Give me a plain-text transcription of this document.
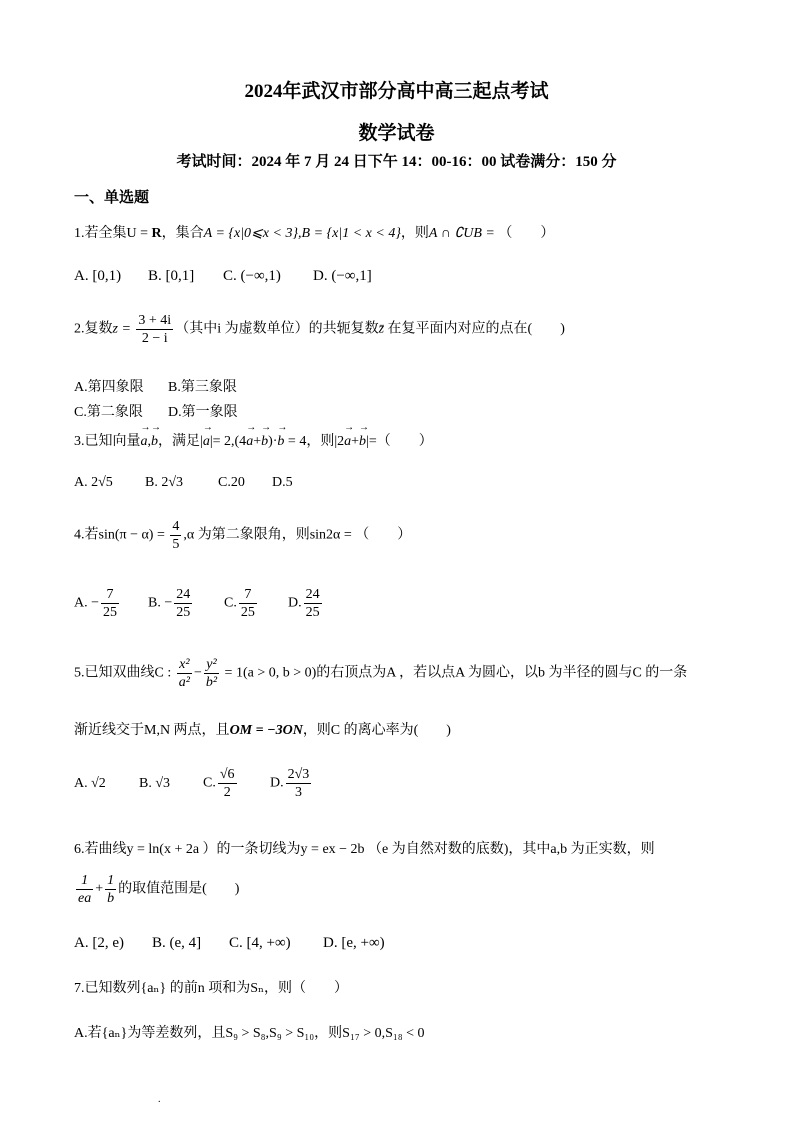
2024年武汉市部分高中高三起点考试
数学试卷
考试时间：2024 年 7 月 24 日下午 14：00-16：00 试卷满分：150 分
一、单选题
1.若全集U = R，集合A = {x|0⩽x < 3},B = {x|1 < x < 4}，则A ∩ ∁UB = （　　）
A. [0,1) B. [0,1] C. (−∞,1) D. (−∞,1]
2.复数$z = \frac{3 + 4i}{2 - i}$ （其中i 为虚数单位）的共轭复数z̄ 在复平面内对应的点在(　　)
A.第四象限 B.第三象限
C.第二象限 D.第一象限
3.已知向量→ a,→ b，满足|→ a|= 2,(4→ a+→ b)·→ b = 4，则|2→ a+→ b|=（　　）
A. 2√5 B. 2√3 C.20 D.5
4.若$\sin(\pi - \alpha) = \frac{4}{5} ,\alpha$ 为第二象限角，则sin2α = （　　）
A. − $\frac{7}{25} B$. − $\frac{24}{25} C$. $\frac{7}{25} D$. $\frac{24}{25}$
5.已知双曲线C : $\frac{\text{x²}}{\text{a²}} - \frac{\text{y²}}{\text{b²}} = 1(a > 0$, b > 0)的右顶点为A ，若以点A 为圆心，以b 为半径的圆与C 的一条
渐近线交于M,N 两点，且OM = −3ON，则C 的离心率为(　　)
A. √2 B. √3 C. $\frac{√6}{2} D$. $\frac{2√3}{3}$
6.若曲线y = ln(x + 2a ）的一条切线为y = ex − 2b （e 为自然对数的底数)，其中a,b 为正实数，则
$\frac{1}{ea} + \frac{1}{b}$ 的取值范围是(　　)
A. [2, e) B. (e, 4] C. [4, +∞) D. [e, +∞)
7.已知数列{aₙ} 的前n 项和为Sₙ，则（　　）
A.若{aₙ}为等差数列，且S₉ > S₈,S₉ > S₁₀，则S₁₇ > 0,S₁₈ < 0
.
